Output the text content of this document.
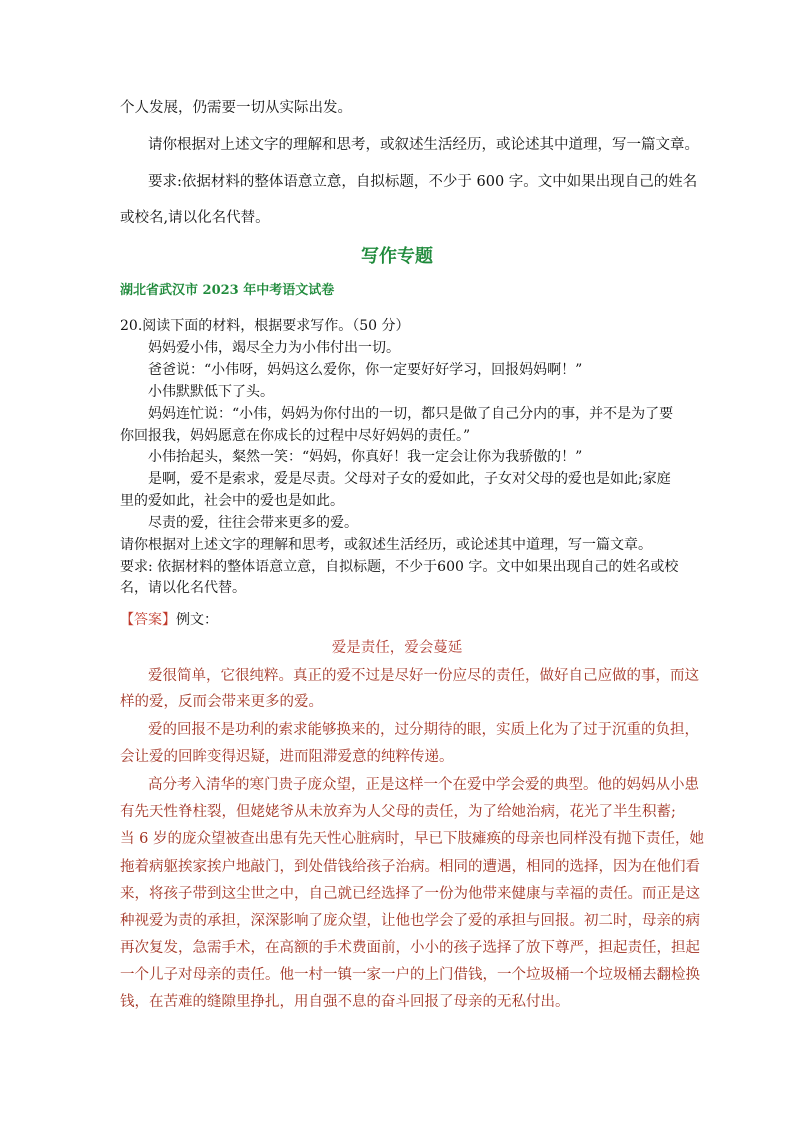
个人发展，仍需要一切从实际出发。
请你根据对上述文字的理解和思考，或叙述生活经历，或论述其中道理，写一篇文章。
要求:依据材料的整体语意立意，自拟标题，不少于 600 字。文中如果出现自己的姓名
或校名,请以化名代替。
写作专题
湖北省武汉市 2023 年中考语文试卷
20.阅读下面的材料，根据要求写作。（50 分）
妈妈爱小伟，竭尽全力为小伟付出一切。
爸爸说：“小伟呀，妈妈这么爱你，你一定要好好学习，回报妈妈啊！”
小伟默默低下了头。
妈妈连忙说：“小伟，妈妈为你付出的一切，都只是做了自己分内的事，并不是为了要
你回报我，妈妈愿意在你成长的过程中尽好妈妈的责任。”
小伟抬起头，粲然一笑：“妈妈，你真好！我一定会让你为我骄傲的！”
是啊，爱不是索求，爱是尽责。父母对子女的爱如此，子女对父母的爱也是如此;家庭
里的爱如此，社会中的爱也是如此。
尽责的爱，往往会带来更多的爱。
请你根据对上述文字的理解和思考，或叙述生活经历，或论述其中道理，写一篇文章。
要求: 依据材料的整体语意立意，自拟标题，不少于600 字。文中如果出现自己的姓名或校
名，请以化名代替。
【答案】例文：
爱是责任，爱会蔓延
爱很简单，它很纯粹。真正的爱不过是尽好一份应尽的责任，做好自己应做的事，而这
样的爱，反而会带来更多的爱。
爱的回报不是功利的索求能够换来的，过分期待的眼，实质上化为了过于沉重的负担，
会让爱的回眸变得迟疑，进而阻滞爱意的纯粹传递。
高分考入清华的寒门贵子庞众望，正是这样一个在爱中学会爱的典型。他的妈妈从小患
有先天性脊柱裂，但姥姥爷从未放弃为人父母的责任，为了给她治病，花光了半生积蓄;
当 6 岁的庞众望被查出患有先天性心脏病时，早已下肢瘫痪的母亲也同样没有抛下责任，她
拖着病躯挨家挨户地敲门，到处借钱给孩子治病。相同的遭遇，相同的选择，因为在他们看
来，将孩子带到这尘世之中，自己就已经选择了一份为他带来健康与幸福的责任。而正是这
种视爱为责的承担，深深影响了庞众望，让他也学会了爱的承担与回报。初二时，母亲的病
再次复发，急需手术，在高额的手术费面前，小小的孩子选择了放下尊严，担起责任，担起
一个儿子对母亲的责任。他一村一镇一家一户的上门借钱，一个垃圾桶一个垃圾桶去翻检换
钱，在苦难的缝隙里挣扎，用自强不息的奋斗回报了母亲的无私付出。
